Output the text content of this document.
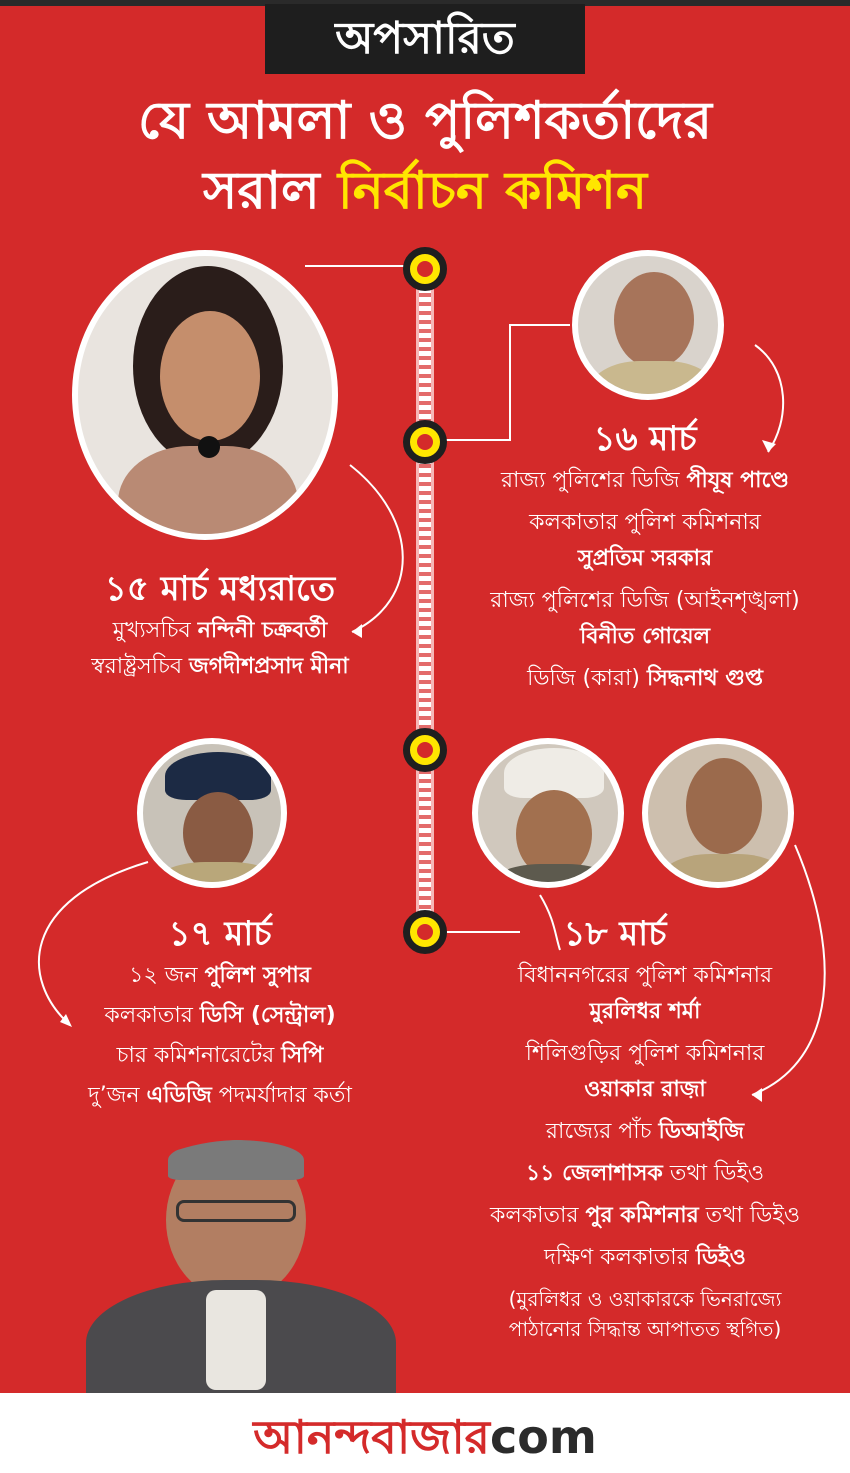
অপসারিত
যে আমলা ও পুলিশকর্তাদের
সরাল নির্বাচন কমিশন
১৫ মার্চ মধ্যরাতে
মুখ্যসচিব নন্দিনী চক্রবর্তী
স্বরাষ্ট্রসচিব জগদীশপ্রসাদ মীনা
১৬ মার্চ
রাজ্য পুলিশের ডিজি পীযূষ পাণ্ডে
কলকাতার পুলিশ কমিশনার
সুপ্রতিম সরকার
রাজ্য পুলিশের ডিজি (আইনশৃঙ্খলা)
বিনীত গোয়েল
ডিজি (কারা) সিদ্ধনাথ গুপ্ত
১৭ মার্চ
১২ জন পুলিশ সুপার
কলকাতার ডিসি (সেন্ট্রাল)
চার কমিশনারেটের সিপি
দু’জন এডিজি পদমর্যাদার কর্তা
১৮ মার্চ
বিধাননগরের পুলিশ কমিশনার
মুরলিধর শর্মা
শিলিগুড়ির পুলিশ কমিশনার
ওয়াকার রাজ়া
রাজ্যের পাঁচ ডিআইজি
১১ জেলাশাসক তথা ডিইও
কলকাতার পুর কমিশনার তথা ডিইও
দক্ষিণ কলকাতার ডিইও
(মুরলিধর ও ওয়াকারকে ভিনরাজ্যে
পাঠানোর সিদ্ধান্ত আপাতত স্থগিত)
আনন্দবাজারcom
